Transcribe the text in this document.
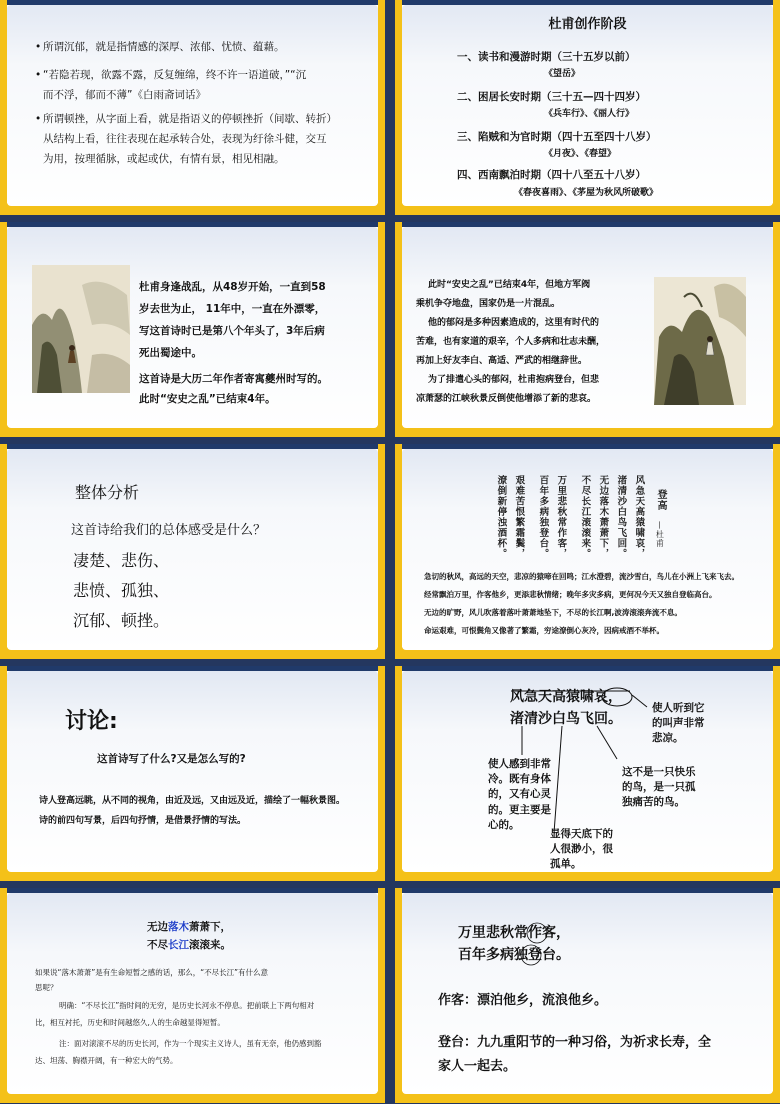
• 所谓沉郁，就是指情感的深厚、浓郁、忧愤、蕴藉。
• “若隐若现，欲露不露，反复缠绵，终不许一语道破，”“沉
而不浮，郁而不薄”《白雨斋词话》
• 所谓顿挫，从字面上看，就是指语义的停顿挫折（间歇、转折）
从结构上看，往往表现在起承转合处，表现为纡徐斗健，交互
为用，按理循脉，或起或伏，有情有景，相见相融。
杜甫创作阶段
一、读书和漫游时期（三十五岁以前）
《望岳》
二、困居长安时期（三十五—四十四岁）
《兵车行》、《丽人行》
三、陷贼和为官时期（四十五至四十八岁）
《月夜》、《春望》
四、西南飘泊时期（四十八至五十八岁）
《春夜喜雨》、《茅屋为秋风所破歌》
杜甫身逢战乱，从48岁开始，一直到58
岁去世为止， 11年中，一直在外漂零，
写这首诗时已是第八个年头了，3年后病
死出蜀途中。
这首诗是大历二年作者寄寓夔州时写的。
此时“安史之乱”已结束4年。
此时“安史之乱”已结束4年，但地方军阀
乘机争夺地盘，国家仍是一片混乱。
他的郁闷是多种因素造成的，这里有时代的
苦难，也有家道的艰辛，个人多病和壮志未酬，
再加上好友李白、高适、严武的相继辞世。
为了排遣心头的郁闷，杜甫抱病登台，但悲
凉萧瑟的江峡秋景反倒使他增添了新的悲哀。
整体分析
这首诗给我们的总体感受是什么？
凄楚、悲伤、
悲愤、孤独、
沉郁、顿挫。
登高
—杜甫
风急天高猿啸哀，
渚清沙白鸟飞回。
无边落木萧萧下，
不尽长江滚滚来。
万里悲秋常作客，
百年多病独登台。
艰难苦恨繁霜鬓，
潦倒新停浊酒杯。
急切的秋风，高远的天空，悲凉的猿啼在回鸣；江水澄碧，流沙雪白，鸟儿在小洲上飞来飞去。
经常飘泊万里，作客他乡，更添悲秋情绪；晚年多灾多病，更何况今天又独自登临高台。
无边的旷野，风儿吹落着落叶萧萧地坠下，不尽的长江啊,波涛滚滚奔流不息。
命运艰难，可恨鬓角又像著了繁霜，穷途潦倒心灰冷，因病戒酒不举杯。
讨论:
这首诗写了什么?又是怎么写的?
诗人登高远眺，从不同的视角，由近及远，又由远及近，描绘了一幅秋景图。
诗的前四句写景，后四句抒情，是借景抒情的写法。
风急天高猿啸哀，
渚清沙白鸟飞回。
使人听到它
的叫声非常
悲凉。
使人感到非常
冷。既有身体
的，又有心灵
的。更主要是
心的。
这不是一只快乐
的鸟，是一只孤
独痛苦的鸟。
显得天底下的
人很渺小，很
孤单。
无边落木萧萧下，
不尽长江滚滚来。
如果说“落木萧萧”是有生命短暂之感的话，那么，“不尽长江”有什么意
思呢？
明确：“不尽长江”指时间的无穷，是历史长河永不停息。把前联上下两句相对
比，相互衬托，历史和时间越悠久,人的生命越显得短暂。
注：面对滚滚不尽的历史长河，作为一个现实主义诗人，虽有无奈，他仍感到豁
达、坦荡、胸襟开阔，有一种宏大的气势。
万里悲秋常作客，
百年多病独登台。
作客：漂泊他乡，流浪他乡。
登台：九九重阳节的一种习俗，为祈求长寿，全
家人一起去。
